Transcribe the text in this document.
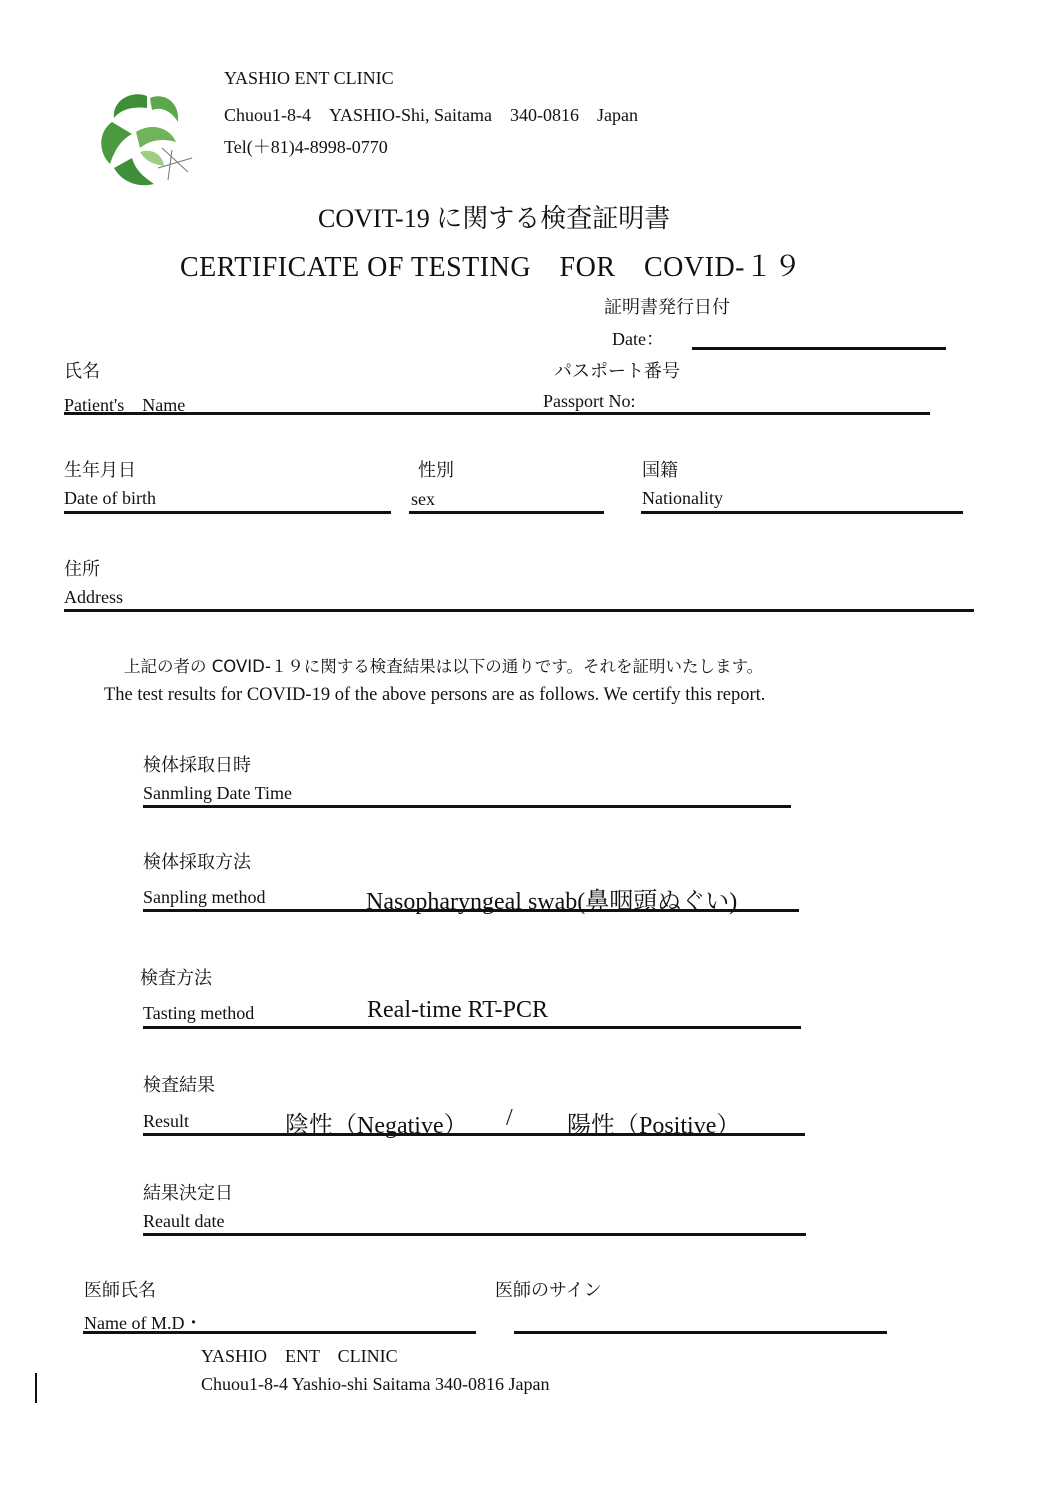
YASHIO ENT CLINIC
Chuou1-8-4　YASHIO-Shi, Saitama　340-0816　Japan
Tel(＋81)4-8998-0770
COVIT-19 に関する検査証明書
CERTIFICATE OF TESTING　FOR　COVID-１９
証明書発行日付
Date：
氏名
Patient's　Name
パスポート番号
Passport No:
生年月日
Date of birth
性別
sex
国籍
Nationality
住所
Address
上記の者の COVID-１９に関する検査結果は以下の通りです。それを証明いたします。
The test results for COVID-19 of the above persons are as follows. We certify this report.
検体採取日時
Sanmling Date Time
検体採取方法
Sanpling method	Nasopharyngeal swab(鼻咽頭ぬぐい)
検査方法
Tasting method	Real-time RT-PCR
検査結果
Result	陰性（Negative） / 陽性（Positive）
結果決定日
Reault date
医師氏名
Name of M.D・
医師のサイン
YASHIO　ENT　CLINIC
Chuou1-8-4 Yashio-shi Saitama 340-0816 Japan
